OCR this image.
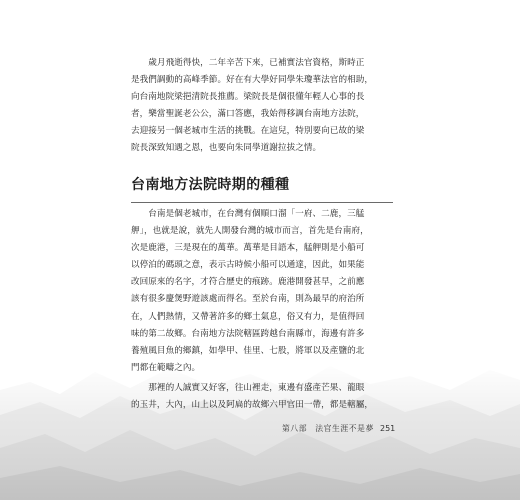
　　歲月飛逝得快，二年辛苦下來，已補實法官資格，斯時正
是我們調動的高峰季節。好在有大學好同學朱瓊華法官的相助，
向台南地院梁挹清院長推薦。梁院長是個很懂年輕人心事的長
者，樂當聖誕老公公，滿口答應，我始得移調台南地方法院，
去迎接另一個老城市生活的挑戰。在這兒，特別要向已故的梁
院長深致知遇之恩，也要向朱同學道謝拉拔之情。
台南地方法院時期的種種
　　台南是個老城市，在台灣有個順口溜「一府、二鹿，三艋
舺」，也就是說，就先人開發台灣的城市而言，首先是台南府，
次是鹿港，三是現在的萬華。萬華是目語本，艋舺則是小船可
以停泊的碼頭之意，表示古時候小船可以通達，因此，如果能
改回原來的名字，才符合歷史的痕跡。鹿港開發甚早，之前應
該有很多慶煲野遊該處而得名。至於台南，則為最早的府治所
在，人們熱情，又帶著許多的鄉土氣息，俗又有力，是值得回
味的第二故鄉。台南地方法院轄區跨越台南縣市，海邊有許多
養殖風目魚的鄉鎮，如學甲、佳里、七股，將軍以及產鹽的北
門都在範疇之內。
　　那裡的人誠實又好客，往山裡走，東邊有盛產芒果、龍眼
的玉井，大內，山上以及阿扁的故鄉六甲官田一帶，都是轄屬，
第八部 法官生涯不是夢 251
